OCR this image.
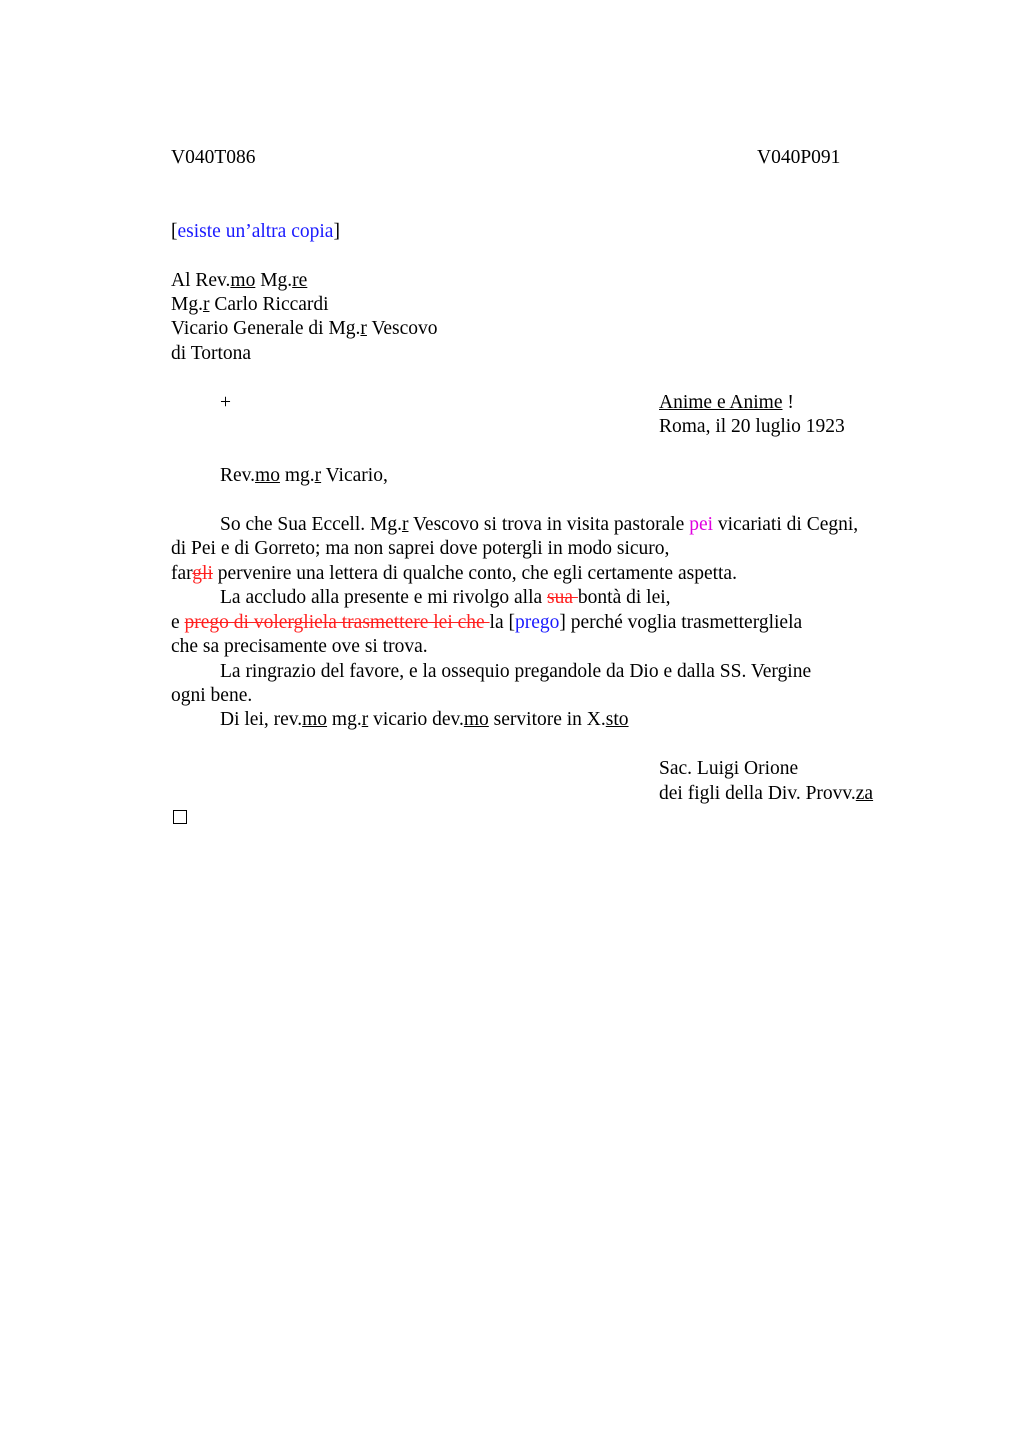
V040T086	V040P091
[esiste un’altra copia]
Al Rev.mo Mg.re
Mg.r Carlo Riccardi
Vicario Generale di Mg.r Vescovo
di Tortona
+	Anime e Anime !
Roma, il 20 luglio 1923
Rev.mo mg.r Vicario,
So che Sua Eccell. Mg.r Vescovo si trova in visita pastorale pei vicariati di Cegni,
di Pei e di Gorreto; ma non saprei dove potergli in modo sicuro,
fargli pervenire una lettera di qualche conto, che egli certamente aspetta.
La accludo alla presente e mi rivolgo alla sua bontà di lei,
e prego di volergliela trasmettere lei che la [prego] perché voglia trasmettergliela
che sa precisamente ove si trova.
La ringrazio del favore, e la ossequio pregandole da Dio e dalla SS. Vergine
ogni bene.
Di lei, rev.mo mg.r vicario dev.mo servitore in X.sto
Sac. Luigi Orione
dei figli della Div. Provv.za
